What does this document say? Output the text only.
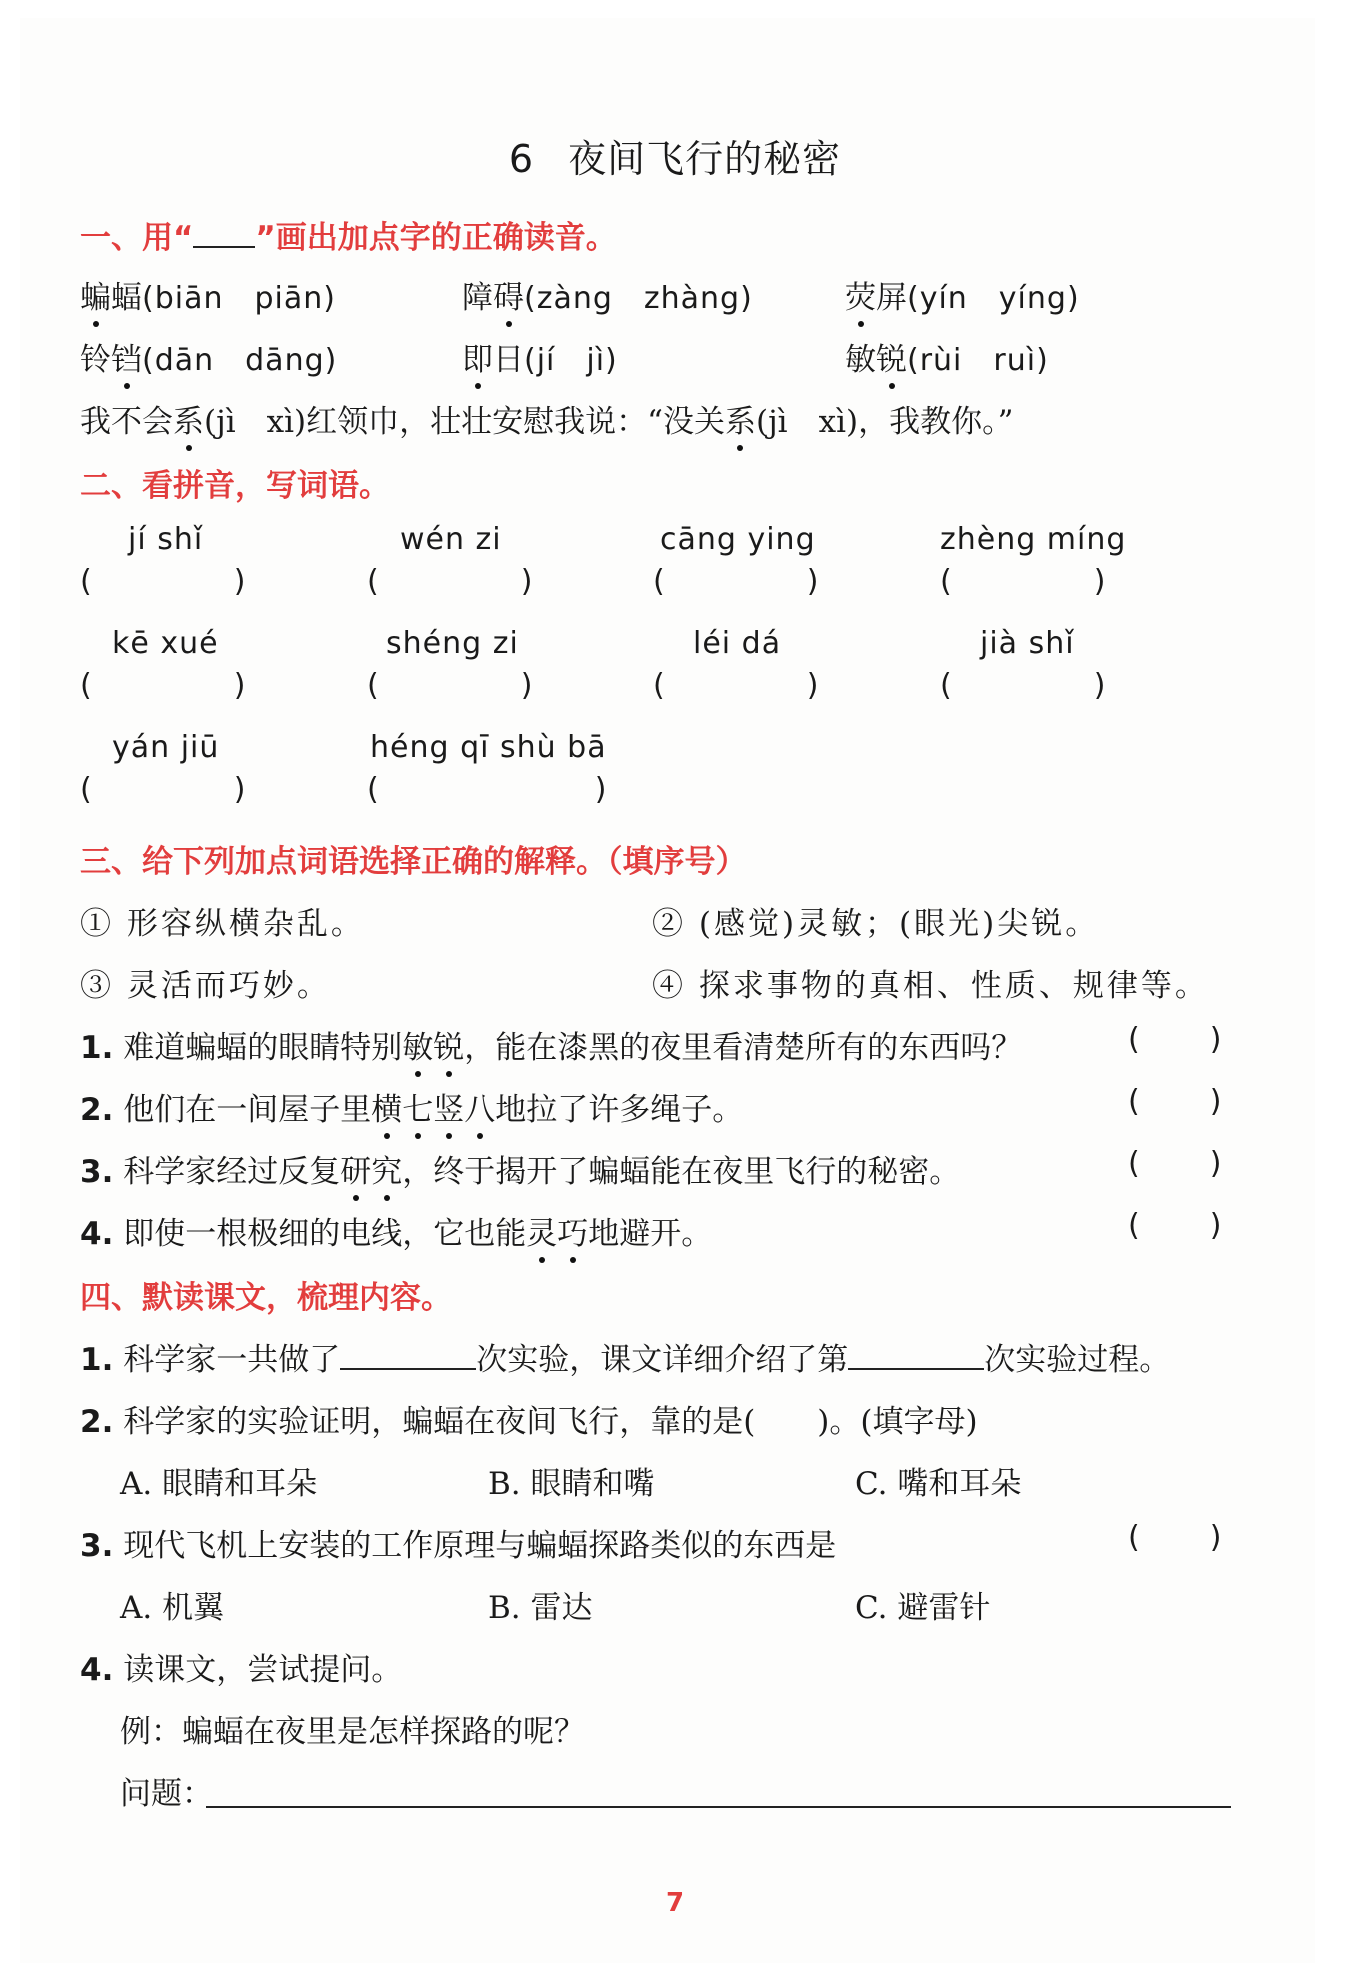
6 夜间飞行的秘密
一、用“ ”画出加点字的正确读音。
蝙蝠(biān　piān)	障碍(zàng　zhàng)	荧屏(yín　yíng)
铃铛(dān　dāng)	即日(jí　jì)	敏锐(rùi　ruì)
我不会系(jì　xì)红领巾，壮壮安慰我说：“没关系(jì　xì)，我教你。”
二、看拼音，写词语。
jí shǐ	wén zi	cāng ying	zhèng míng
(	)	(	)	(	)	(	)
kē xué	shéng zi	léi dá	jià shǐ
(	)	(	)	(	)	(	)
yán jiū	héng qī shù bā
(	)	(	)
三、给下列加点词语选择正确的解释。（填序号）
① 形容纵横杂乱。	② (感觉)灵敏；(眼光)尖锐。
③ 灵活而巧妙。	④ 探求事物的真相、性质、规律等。
1. 难道蝙蝠的眼睛特别敏锐，能在漆黑的夜里看清楚所有的东西吗？	( )
2. 他们在一间屋子里横七竖八地拉了许多绳子。	( )
3. 科学家经过反复研究，终于揭开了蝙蝠能在夜里飞行的秘密。	( )
4. 即使一根极细的电线，它也能灵巧地避开。	( )
四、默读课文，梳理内容。
1. 科学家一共做了	次实验，课文详细介绍了第	次实验过程。
2. 科学家的实验证明，蝙蝠在夜间飞行，靠的是(　　)。(填字母)
A. 眼睛和耳朵	B. 眼睛和嘴	C. 嘴和耳朵
3. 现代飞机上安装的工作原理与蝙蝠探路类似的东西是	( )
A. 机翼	B. 雷达	C. 避雷针
4. 读课文，尝试提问。
例：蝙蝠在夜里是怎样探路的呢？
问题：
7
